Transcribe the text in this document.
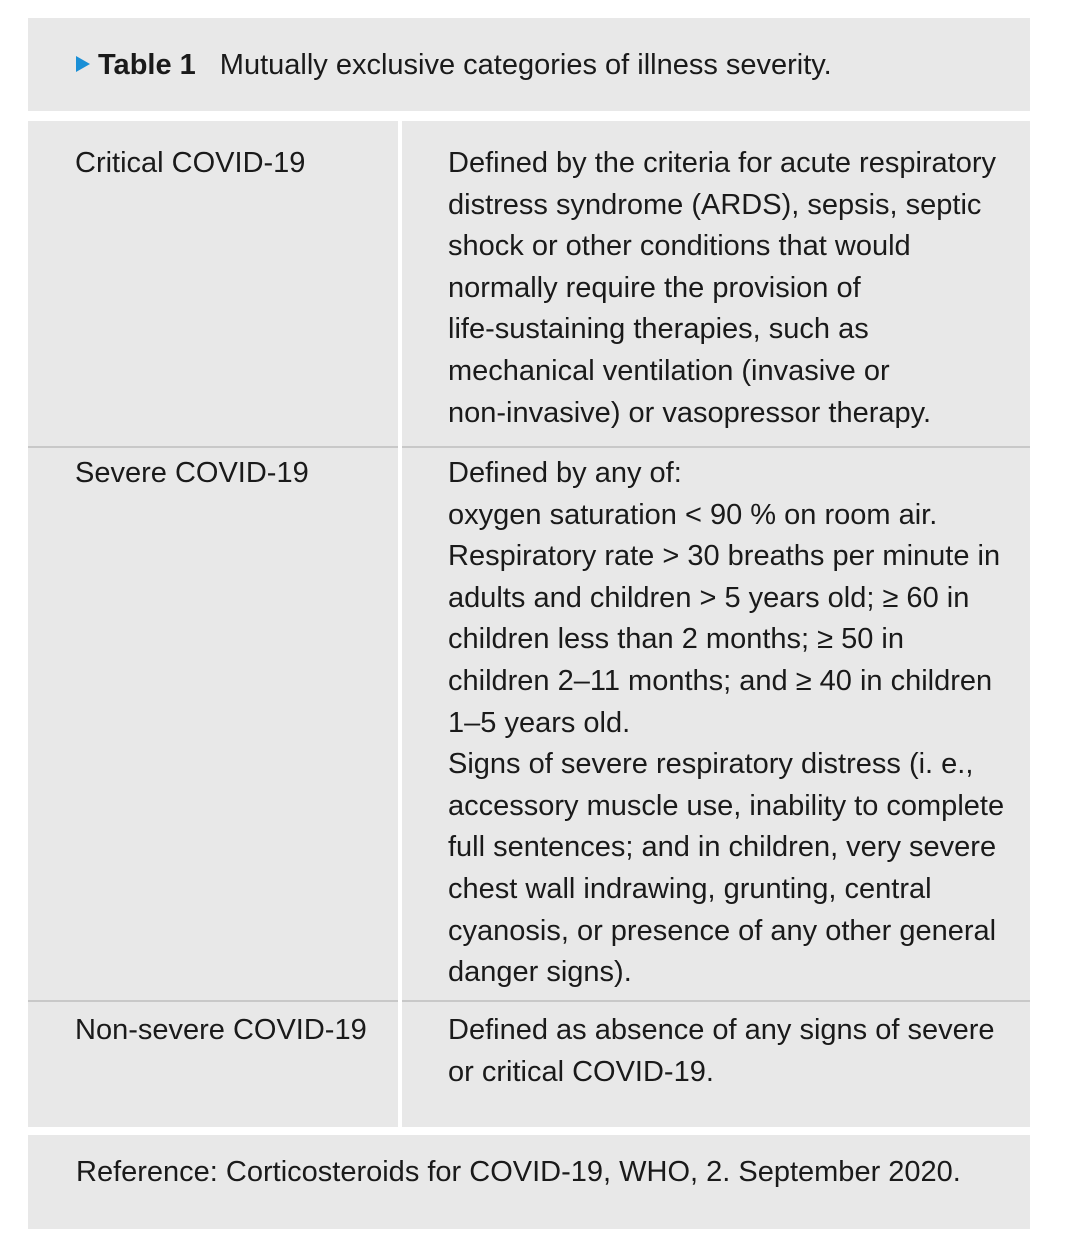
Table 1 Mutually exclusive categories of illness severity.
Critical COVID-19	Defined by the criteria for acute respiratory
distress syndrome (ARDS), sepsis, septic
shock or other conditions that would
normally require the provision of
life-sustaining therapies, such as
mechanical ventilation (invasive or
non-invasive) or vasopressor therapy.
Severe COVID-19	Defined by any of:
oxygen saturation < 90 % on room air.
Respiratory rate > 30 breaths per minute in
adults and children > 5 years old; ≥ 60 in
children less than 2 months; ≥ 50 in
children 2–11 months; and ≥ 40 in children
1–5 years old.
Signs of severe respiratory distress (i. e.,
accessory muscle use, inability to complete
full sentences; and in children, very severe
chest wall indrawing, grunting, central
cyanosis, or presence of any other general
danger signs).
Non-severe COVID-19	Defined as absence of any signs of severe
or critical COVID-19.
Reference: Corticosteroids for COVID-19, WHO, 2. September 2020.
